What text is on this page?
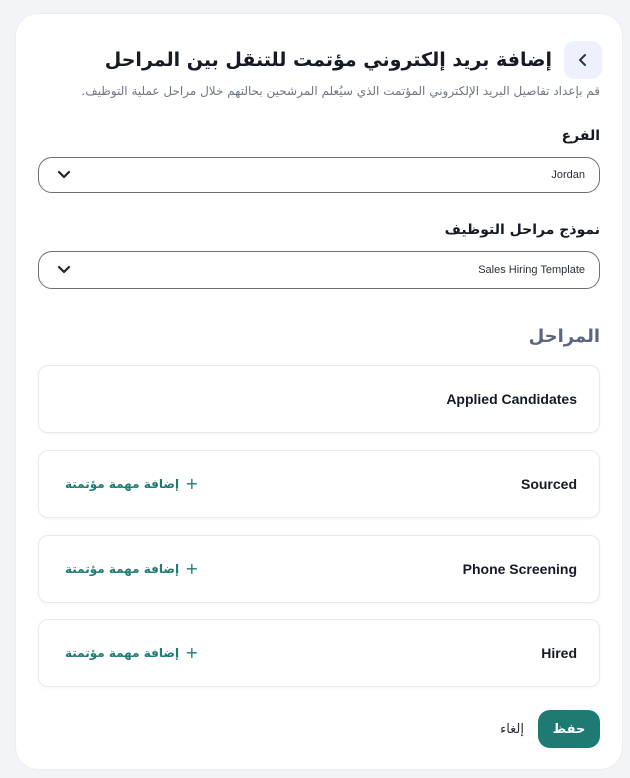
إضافة بريد إلكتروني مؤتمت للتنقل بين المراحل
قم بإعداد تفاصيل البريد الإلكتروني المؤتمت الذي سيُعلم المرشحين بحالتهم خلال مراحل عملية التوظيف.
الفرع
Jordan
نموذج مراحل التوظيف
Sales Hiring Template
المراحل
Applied Candidates
Sourced
+
إضافة مهمة مؤتمتة
Phone Screening
+
إضافة مهمة مؤتمتة
Hired
+
إضافة مهمة مؤتمتة
حفظ
إلغاء
